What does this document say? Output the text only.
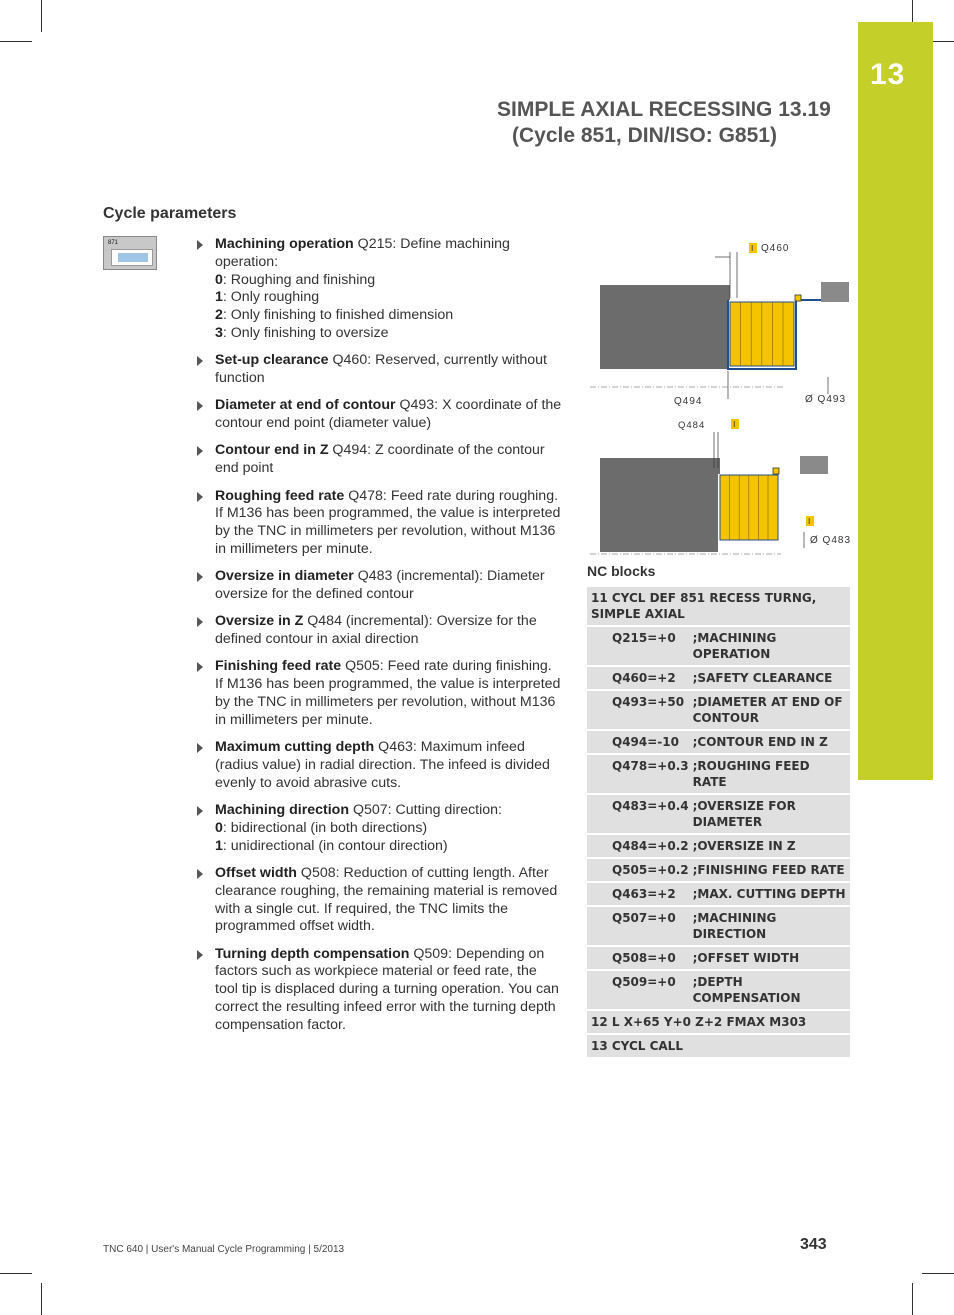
13
SIMPLE AXIAL RECESSING 13.19
(Cycle 851, DIN/ISO: G851)
Cycle parameters
871	Machining operation Q215: Define machining operation:
0: Roughing and finishing
1: Only roughing
2: Only finishing to finished dimension
3: Only finishing to oversize
Set-up clearance Q460: Reserved, currently without function
Diameter at end of contour Q493: X coordinate of the contour end point (diameter value)
Contour end in Z Q494: Z coordinate of the contour end point
Roughing feed rate Q478: Feed rate during roughing. If M136 has been programmed, the value is interpreted by the TNC in millimeters per revolution, without M136 in millimeters per minute.
Oversize in diameter Q483 (incremental): Diameter oversize for the defined contour
Oversize in Z Q484 (incremental): Oversize for the defined contour in axial direction
Finishing feed rate Q505: Feed rate during finishing. If M136 has been programmed, the value is interpreted by the TNC in millimeters per revolution, without M136 in millimeters per minute.
Maximum cutting depth Q463: Maximum infeed (radius value) in radial direction. The infeed is divided evenly to avoid abrasive cuts.
Machining direction Q507: Cutting direction:
0: bidirectional (in both directions)
1: unidirectional (in contour direction)
Offset width Q508: Reduction of cutting length. After clearance roughing, the remaining material is removed with a single cut. If required, the TNC limits the programmed offset width.
Turning depth compensation Q509: Depending on factors such as workpiece material or feed rate, the tool tip is displaced during a turning operation. You can correct the resulting infeed error with the turning depth compensation factor.
I Q460
Q494	Ø Q493
I
I
Q484
Ø Q483
NC blocks
11 CYCL DEF 851 RECESS TURNG, SIMPLE AXIAL	
Q215=+0	;MACHINING OPERATION
Q460=+2	;SAFETY CLEARANCE
Q493=+50	;DIAMETER AT END OF CONTOUR
Q494=-10	;CONTOUR END IN Z
Q478=+0.3	;ROUGHING FEED RATE
Q483=+0.4	;OVERSIZE FOR DIAMETER
Q484=+0.2	;OVERSIZE IN Z
Q505=+0.2	;FINISHING FEED RATE
Q463=+2	;MAX. CUTTING DEPTH
Q507=+0	;MACHINING DIRECTION
Q508=+0	;OFFSET WIDTH
Q509=+0	;DEPTH COMPENSATION
12 L X+65 Y+0 Z+2 FMAX M303	
13 CYCL CALL	
TNC 640 | User's Manual Cycle Programming | 5/2013	343
